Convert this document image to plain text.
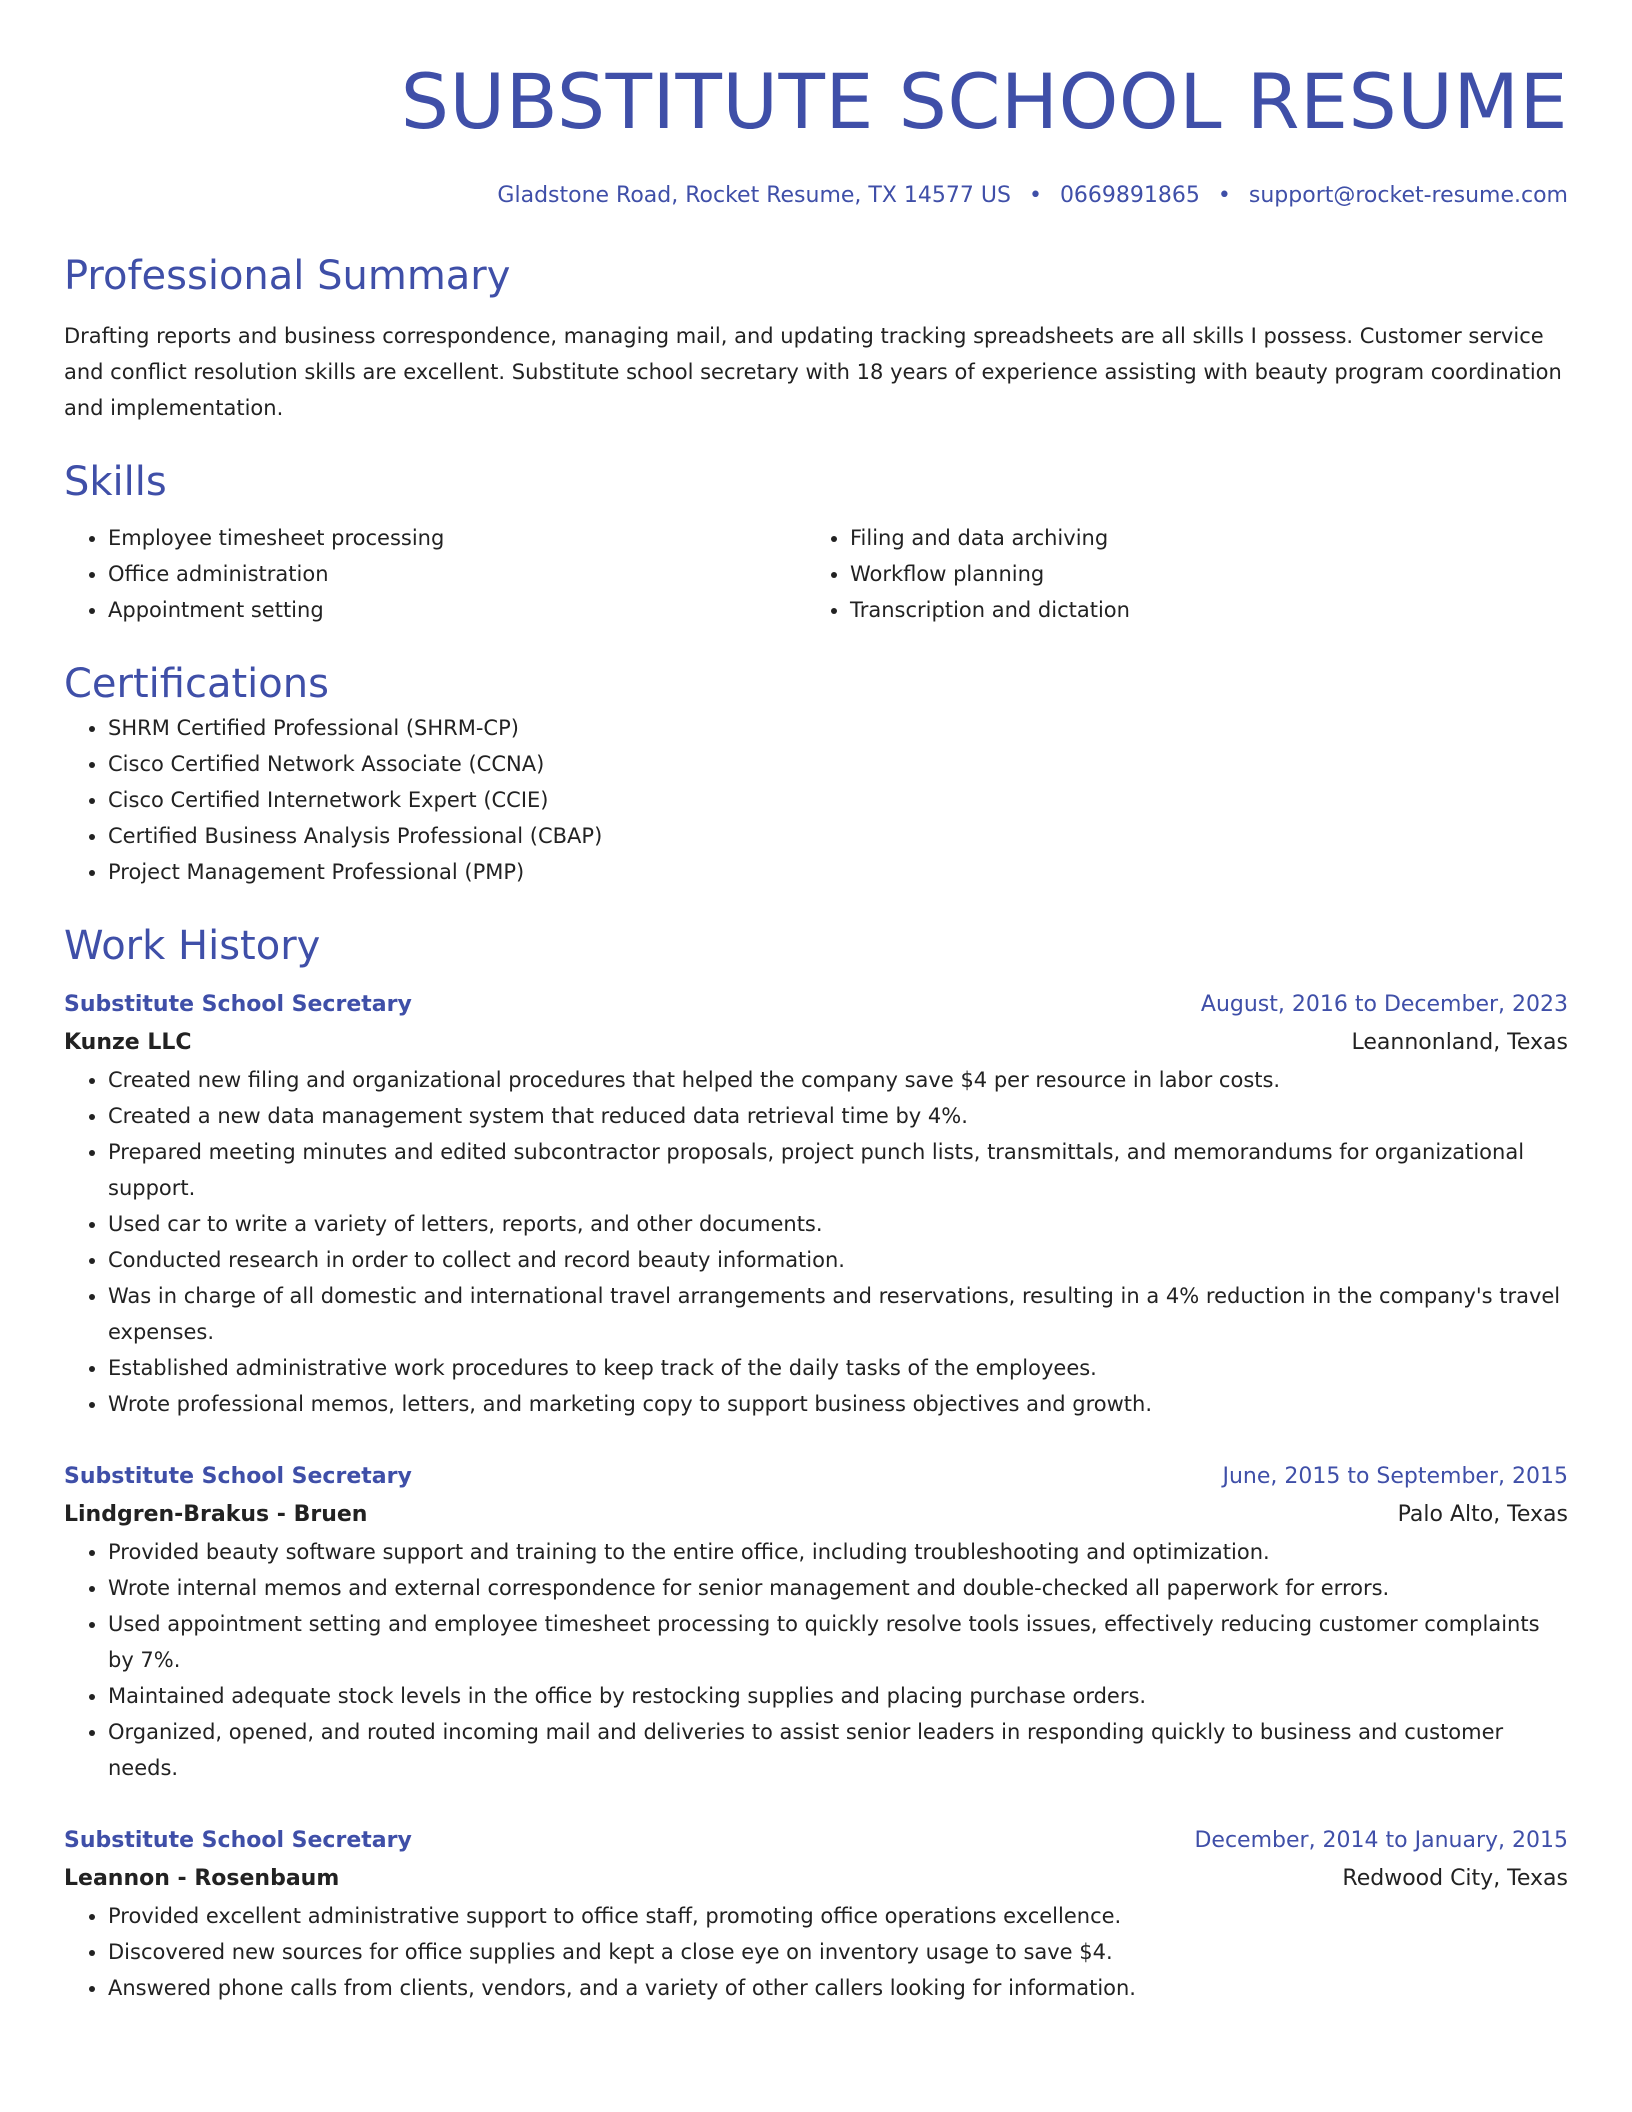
SUBSTITUTE SCHOOL RESUME
Gladstone Road, Rocket Resume, TX 14577 US • 0669891865 • support@rocket-resume.com
Professional Summary

Drafting reports and business correspondence, managing mail, and updating tracking spreadsheets are all skills I possess. Customer service and conflict resolution skills are excellent. Substitute school secretary with 18 years of experience assisting with beauty program coordination and implementation.

Skills
• Employee timesheet processing
• Office administration
• Appointment setting
• Filing and data archiving
• Workflow planning
• Transcription and dictation
Certifications
• SHRM Certified Professional (SHRM-CP)
• Cisco Certified Network Associate (CCNA)
• Cisco Certified Internetwork Expert (CCIE)
• Certified Business Analysis Professional (CBAP)
• Project Management Professional (PMP)
Work History
Substitute School Secretary	August, 2016 to December, 2023
Kunze LLC	Leannonland, Texas
• Created new filing and organizational procedures that helped the company save $4 per resource in labor costs.
• Created a new data management system that reduced data retrieval time by 4%.
• Prepared meeting minutes and edited subcontractor proposals, project punch lists, transmittals, and memorandums for organizational support.
• Used car to write a variety of letters, reports, and other documents.
• Conducted research in order to collect and record beauty information.
• Was in charge of all domestic and international travel arrangements and reservations, resulting in a 4% reduction in the company's travel expenses.
• Established administrative work procedures to keep track of the daily tasks of the employees.
• Wrote professional memos, letters, and marketing copy to support business objectives and growth.
Substitute School Secretary	June, 2015 to September, 2015
Lindgren-Brakus - Bruen	Palo Alto, Texas
• Provided beauty software support and training to the entire office, including troubleshooting and optimization.
• Wrote internal memos and external correspondence for senior management and double-checked all paperwork for errors.
• Used appointment setting and employee timesheet processing to quickly resolve tools issues, effectively reducing customer complaints by 7%.
• Maintained adequate stock levels in the office by restocking supplies and placing purchase orders.
• Organized, opened, and routed incoming mail and deliveries to assist senior leaders in responding quickly to business and customer needs.
Substitute School Secretary	December, 2014 to January, 2015
Leannon - Rosenbaum	Redwood City, Texas
• Provided excellent administrative support to office staff, promoting office operations excellence.
• Discovered new sources for office supplies and kept a close eye on inventory usage to save $4.
• Answered phone calls from clients, vendors, and a variety of other callers looking for information.
